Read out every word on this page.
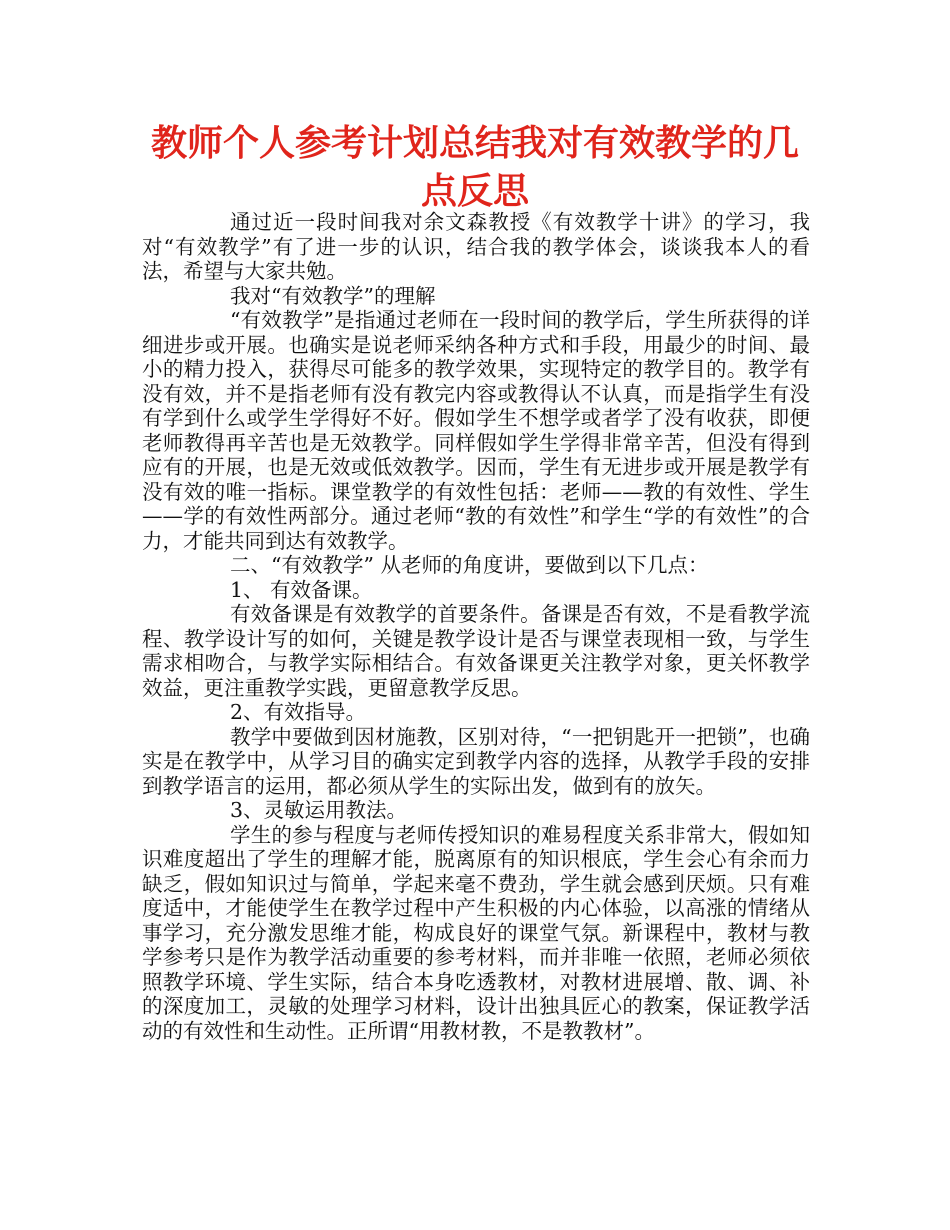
教师个人参考计划总结我对有效教学的几点反思

通过近一段时间我对余文森教授《有效教学十讲》的学习，我对“有效教学”有了进一步的认识，结合我的教学体会，谈谈我本人的看法，希望与大家共勉。

我对“有效教学”的理解

“有效教学”是指通过老师在一段时间的教学后，学生所获得的详细进步或开展。也确实是说老师采纳各种方式和手段，用最少的时间、最小的精力投入，获得尽可能多的教学效果，实现特定的教学目的。教学有没有效，并不是指老师有没有教完内容或教得认不认真，而是指学生有没有学到什么或学生学得好不好。假如学生不想学或者学了没有收获，即便老师教得再辛苦也是无效教学。同样假如学生学得非常辛苦，但没有得到应有的开展，也是无效或低效教学。因而，学生有无进步或开展是教学有没有效的唯一指标。课堂教学的有效性包括：老师——教的有效性、学生——学的有效性两部分。通过老师“教的有效性”和学生“学的有效性”的合力，才能共同到达有效教学。

二、“有效教学” 从老师的角度讲，要做到以下几点：

1、 有效备课。

有效备课是有效教学的首要条件。备课是否有效，不是看教学流程、教学设计写的如何，关键是教学设计是否与课堂表现相一致，与学生需求相吻合，与教学实际相结合。有效备课更关注教学对象，更关怀教学效益，更注重教学实践，更留意教学反思。

2、有效指导。

教学中要做到因材施教，区别对待，“一把钥匙开一把锁”，也确实是在教学中，从学习目的确实定到教学内容的选择，从教学手段的安排到教学语言的运用，都必须从学生的实际出发，做到有的放矢。

3、灵敏运用教法。

学生的参与程度与老师传授知识的难易程度关系非常大，假如知识难度超出了学生的理解才能，脱离原有的知识根底，学生会心有余而力缺乏，假如知识过与简单，学起来毫不费劲，学生就会感到厌烦。只有难度适中，才能使学生在教学过程中产生积极的内心体验，以高涨的情绪从事学习，充分激发思维才能，构成良好的课堂气氛。新课程中，教材与教学参考只是作为教学活动重要的参考材料，而并非唯一依照，老师必须依照教学环境、学生实际，结合本身吃透教材，对教材进展增、散、调、补的深度加工，灵敏的处理学习材料，设计出独具匠心的教案，保证教学活动的有效性和生动性。正所谓“用教材教，不是教教材”。
